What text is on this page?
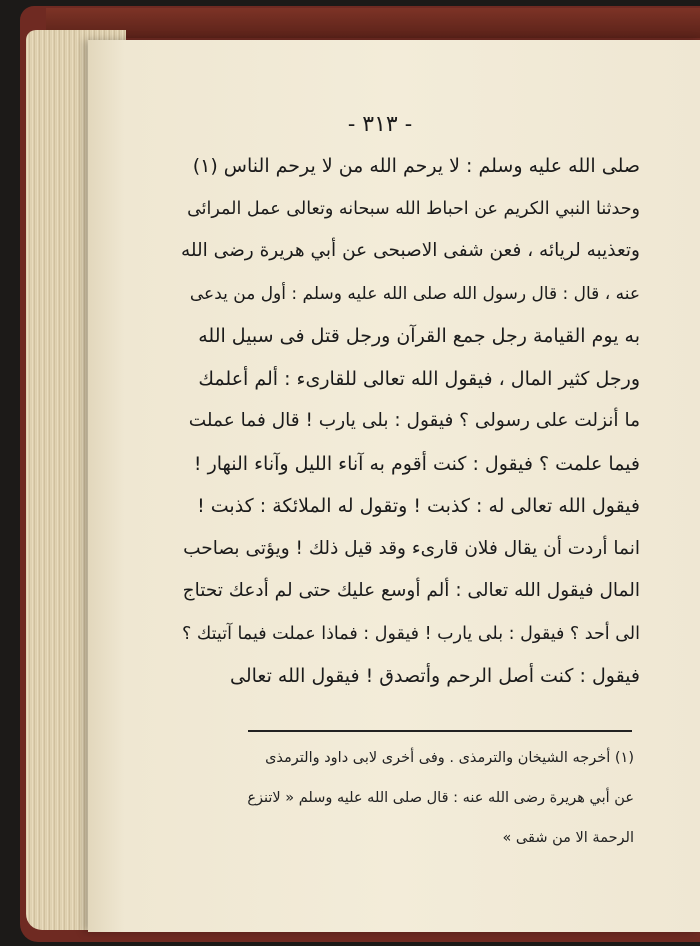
- ٣١٣ -
صلى الله عليه وسلم : لا يرحم الله من لا يرحم الناس (١)
وحدثنا النبي الكريم عن احباط الله سبحانه وتعالى عمل المرائى
وتعذيبه لريائه ، فعن شفى الاصبحى عن أبي هريرة رضى الله
عنه ، قال : قال رسول الله صلى الله عليه وسلم : أول من يدعى
به يوم القيامة رجل جمع القرآن ورجل قتل فى سبيل الله
ورجل كثير المال ، فيقول الله تعالى للقارىء : ألم أعلمك
ما أنزلت على رسولى ؟ فيقول : بلى يارب ! قال فما عملت
فيما علمت ؟ فيقول : كنت أقوم به آناء الليل وآناء النهار !
فيقول الله تعالى له : كذبت ! وتقول له الملائكة : كذبت !
انما أردت أن يقال فلان قارىء وقد قيل ذلك ! ويؤتى بصاحب
المال فيقول الله تعالى : ألم أوسع عليك حتى لم أدعك تحتاج
الى أحد ؟ فيقول : بلى يارب ! فيقول : فماذا عملت فيما آتيتك ؟
فيقول : كنت أصل الرحم وأتصدق ! فيقول الله تعالى
(١) أخرجه الشيخان والترمذى . وفى أخرى لابى داود والترمذى
عن أبي هريرة رضى الله عنه : قال صلى الله عليه وسلم « لاتنزع
الرحمة الا من شقى »
